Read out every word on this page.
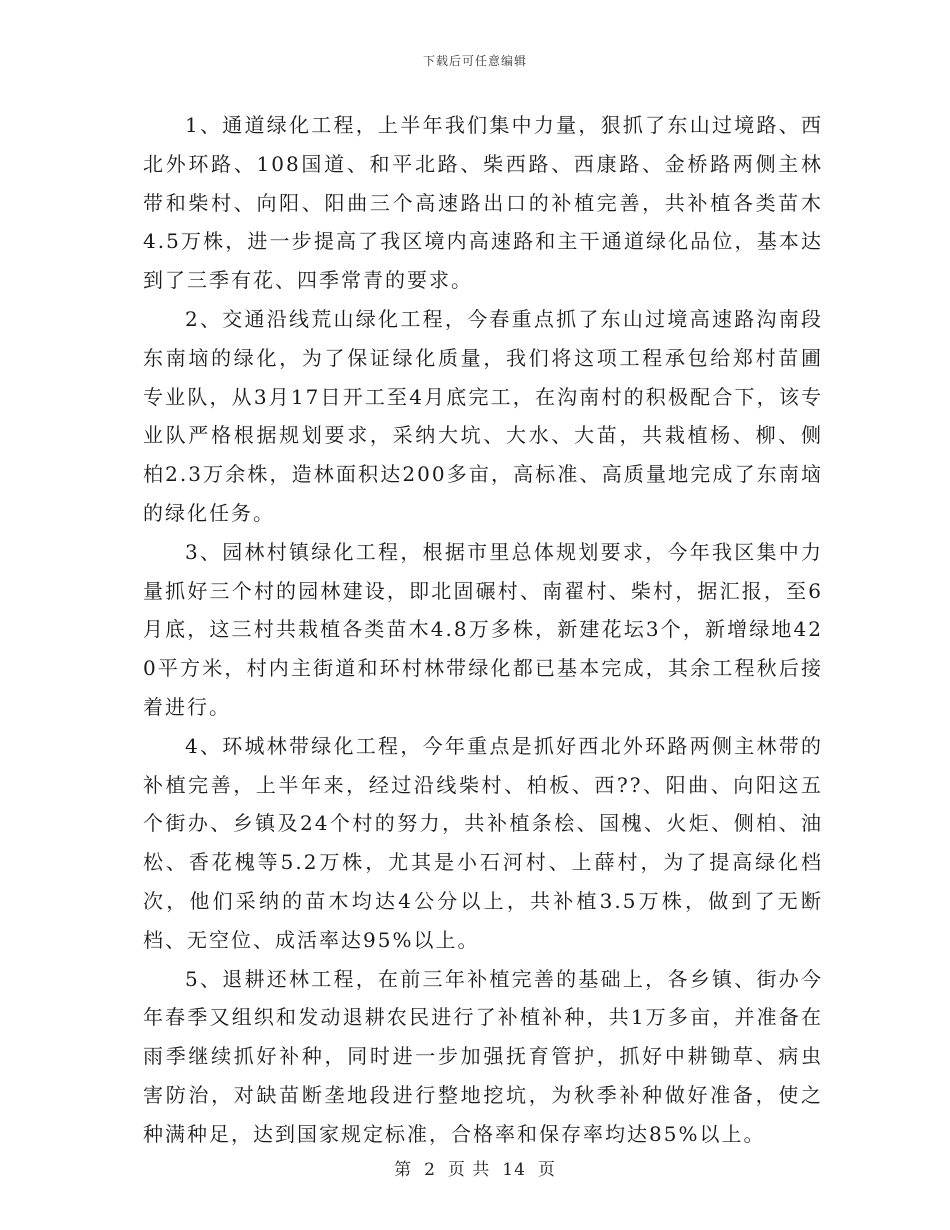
下载后可任意编辑

1、通道绿化工程，上半年我们集中力量，狠抓了东山过境路、西北外环路、108国道、和平北路、柴西路、西康路、金桥路两侧主林带和柴村、向阳、阳曲三个高速路出口的补植完善，共补植各类苗木4.5万株，进一步提高了我区境内高速路和主干通道绿化品位，基本达到了三季有花、四季常青的要求。

2、交通沿线荒山绿化工程，今春重点抓了东山过境高速路沟南段东南垴的绿化，为了保证绿化质量，我们将这项工程承包给郑村苗圃专业队，从3月17日开工至4月底完工，在沟南村的积极配合下，该专业队严格根据规划要求，采纳大坑、大水、大苗，共栽植杨、柳、侧柏2.3万余株，造林面积达200多亩，高标准、高质量地完成了东南垴的绿化任务。

3、园林村镇绿化工程，根据市里总体规划要求，今年我区集中力量抓好三个村的园林建设，即北固碾村、南翟村、柴村，据汇报，至6月底，这三村共栽植各类苗木4.8万多株，新建花坛3个，新增绿地420平方米，村内主街道和环村林带绿化都已基本完成，其余工程秋后接着进行。

4、环城林带绿化工程，今年重点是抓好西北外环路两侧主林带的补植完善，上半年来，经过沿线柴村、柏板、西??、阳曲、向阳这五个街办、乡镇及24个村的努力，共补植条桧、国槐、火炬、侧柏、油松、香花槐等5.2万株，尤其是小石河村、上薛村，为了提高绿化档次，他们采纳的苗木均达4公分以上，共补植3.5万株，做到了无断档、无空位、成活率达95%以上。

5、退耕还林工程，在前三年补植完善的基础上，各乡镇、街办今年春季又组织和发动退耕农民进行了补植补种，共1万多亩，并准备在雨季继续抓好补种，同时进一步加强抚育管护，抓好中耕锄草、病虫害防治，对缺苗断垄地段进行整地挖坑，为秋季补种做好准备，使之种满种足，达到国家规定标准，合格率和保存率均达85%以上。

第 2 页 共 14 页
